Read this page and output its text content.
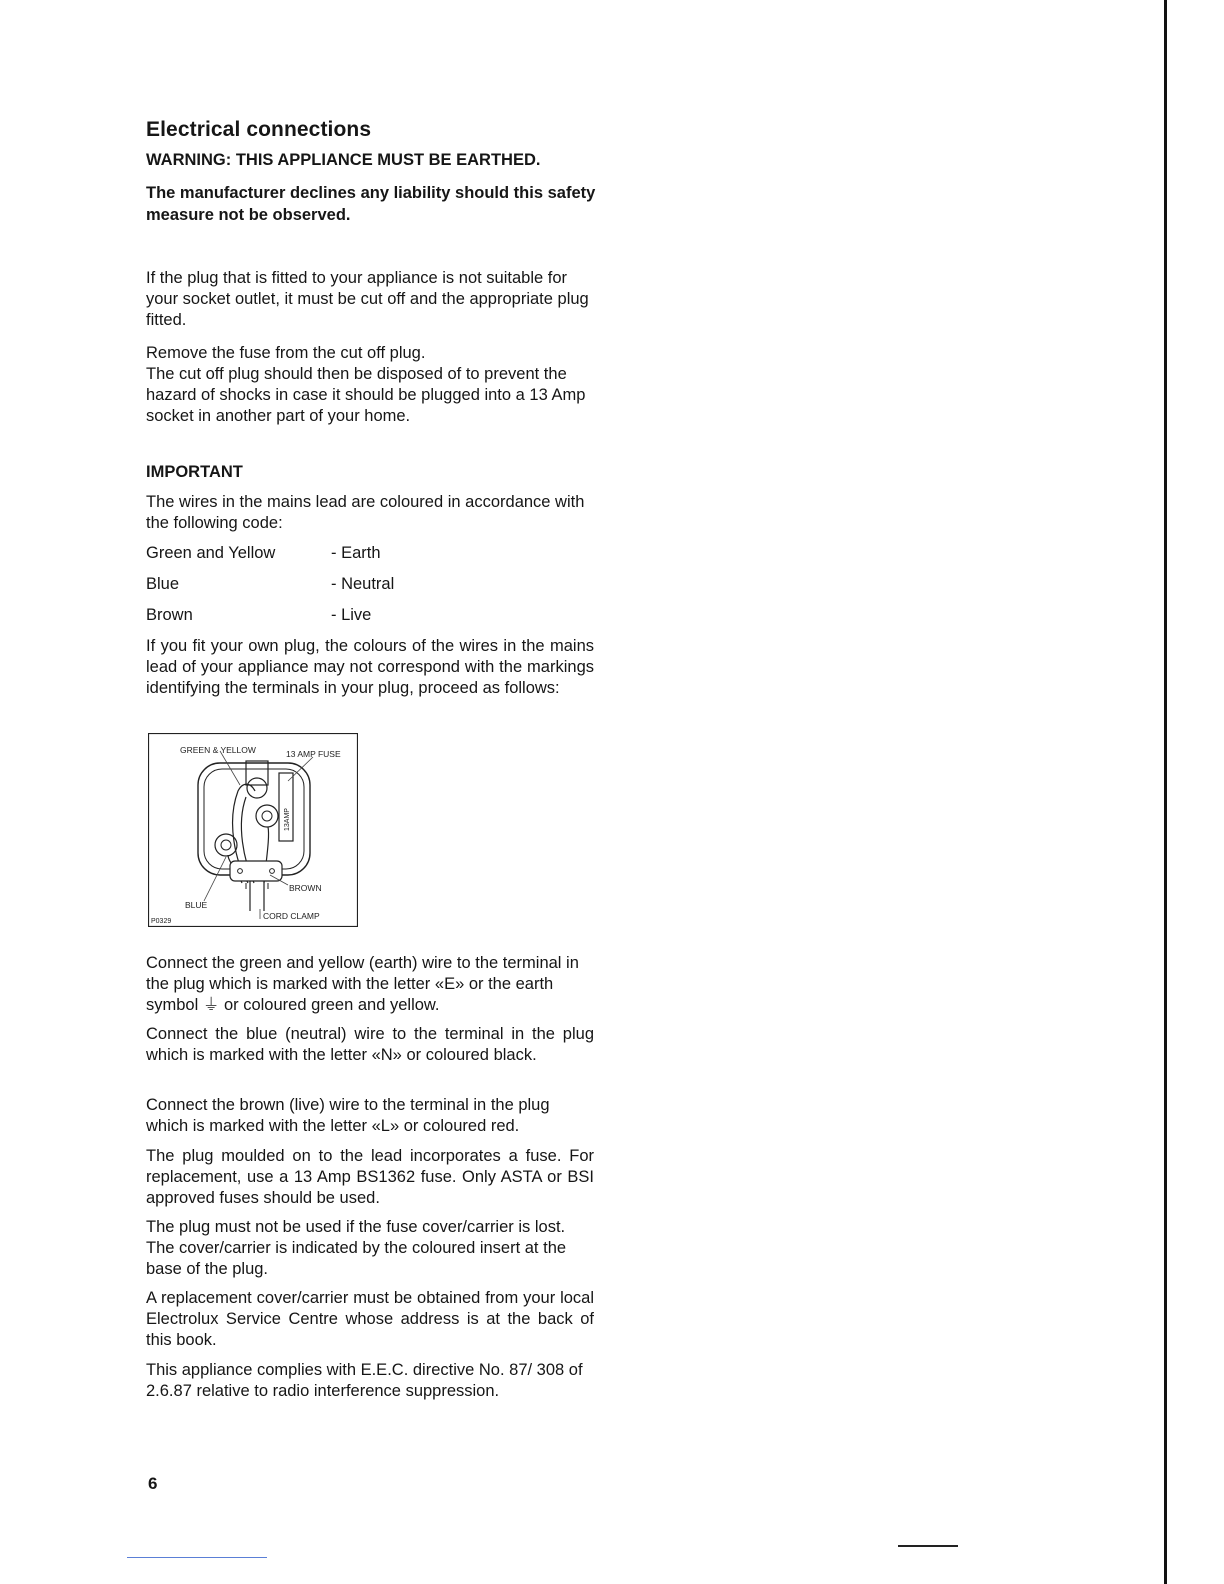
Electrical connections

WARNING: THIS APPLIANCE MUST BE EARTHED.

The manufacturer declines any liability should this safety measure not be observed.

If the plug that is fitted to your appliance is not suitable for your socket outlet, it must be cut off and the appropriate plug fitted.

Remove the fuse from the cut off plug.

The cut off plug should then be disposed of to prevent the hazard of shocks in case it should be plugged into a 13 Amp socket in another part of your home.

IMPORTANT

The wires in the mains lead are coloured in accordance with the following code:

Green and Yellow	- Earth
Blue	- Neutral
Brown	- Live

If you fit your own plug, the colours of the wires in the mains lead of your appliance may not correspond with the markings identifying the terminals in your plug, proceed as follows:

13AMP
GREEN & YELLOW	13 AMP FUSE
BROWN
BLUE
CORD CLAMP
P0329

Connect the green and yellow (earth) wire to the terminal in the plug which is marked with the letter «E» or the earth symbol ⏚ or coloured green and yellow.

Connect the blue (neutral) wire to the terminal in the plug which is marked with the letter «N» or coloured black.

Connect the brown (live) wire to the terminal in the plug which is marked with the letter «L» or coloured red.

The plug moulded on to the lead incorporates a fuse. For replacement, use a 13 Amp BS1362 fuse. Only ASTA or BSI approved fuses should be used.

The plug must not be used if the fuse cover/carrier is lost. The cover/carrier is indicated by the coloured insert at the base of the plug.

A replacement cover/carrier must be obtained from your local Electrolux Service Centre whose address is at the back of this book.

This appliance complies with E.E.C. directive No. 87/ 308 of 2.6.87 relative to radio interference suppression.

6
